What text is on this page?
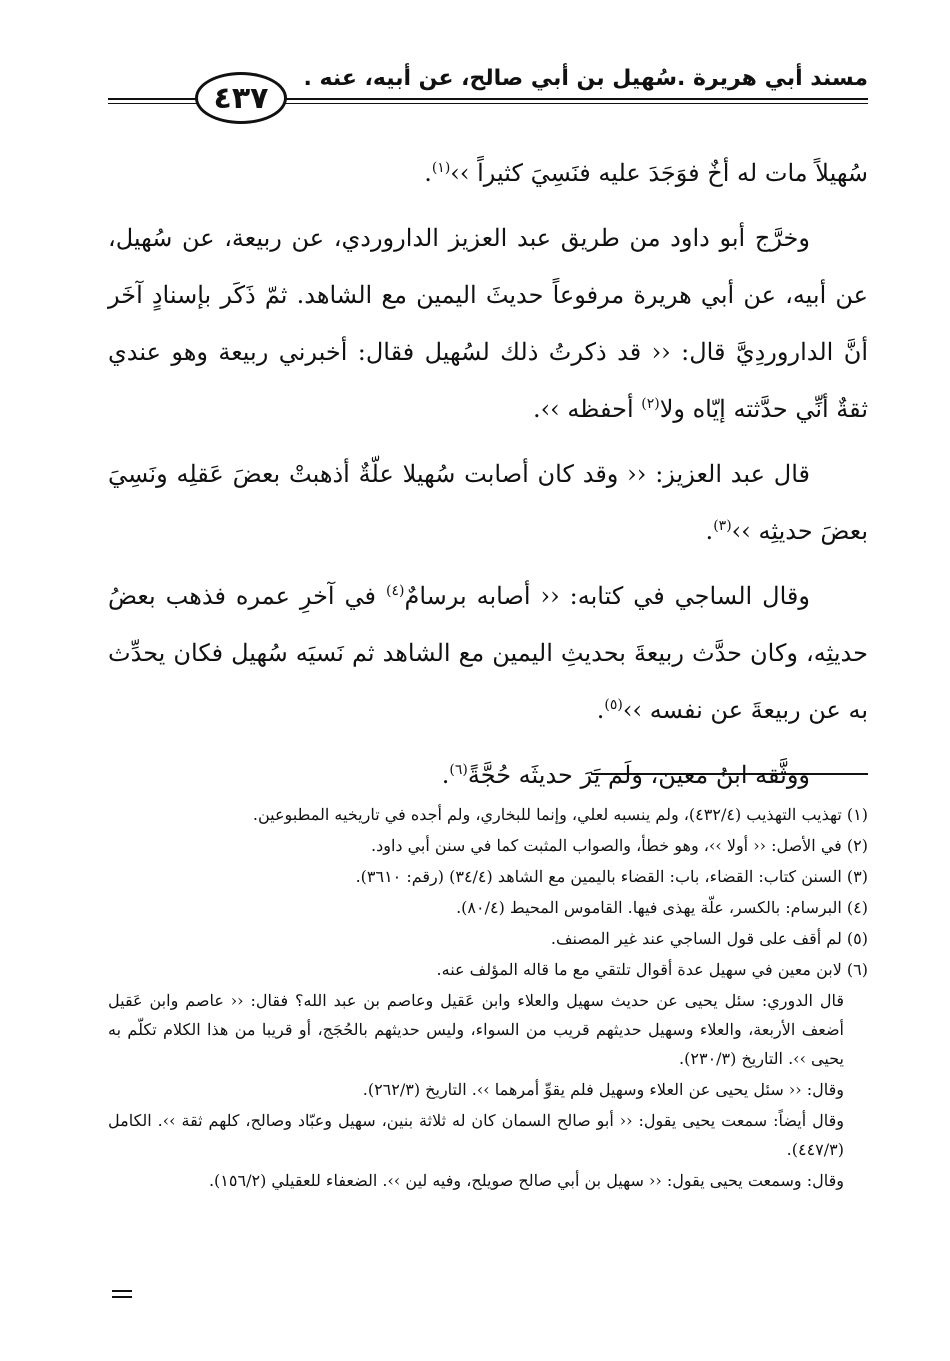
مسند أبي هريرة .سُهيل بن أبي صالح، عن أبيه، عنه .
٤٣٧

سُهيلاً مات له أخٌ فوَجَدَ عليه فنَسِيَ كثيراً ››$^{(١)}$.

وخرَّج أبو داود من طريق عبد العزيز الداروردي، عن ربيعة، عن سُهيل، عن أبيه، عن أبي هريرة مرفوعاً حديثَ اليمين مع الشاهد. ثمّ ذَكَر بإسنادٍ آخَر أنَّ الداروردِيَّ قال: ‹‹ قد ذكرتُ ذلك لسُهيل فقال: أخبرني ربيعة وهو عندي ثقةٌ أنِّي حدَّثته إيّاه ولا$^{(٢)}$ أحفظه ››.

قال عبد العزيز: ‹‹ وقد كان أصابت سُهيلا علّةٌ أذهبتْ بعضَ عَقلِه ونَسِيَ بعضَ حديثِه ››$^{(٣)}$.

وقال الساجي في كتابه: ‹‹ أصابه برسامٌ$^{(٤)}$ في آخرِ عمره فذهب بعضُ حديثِه، وكان حدَّث ربيعةَ بحديثِ اليمين مع الشاهد ثم نَسيَه سُهيل فكان يحدِّث به عن ربيعةَ عن نفسه ››$^{(٥)}$.

ووثَّقه ابنُ معين، ولَم يَرَ حديثَه حُجَّةً$^{(٦)}$.

(١) تهذيب التهذيب (٤٣٢/٤)، ولم ينسبه لعلي، وإنما للبخاري، ولم أجده في تاريخيه المطبوعين.

(٢) في الأصل: ‹‹ أولا ››، وهو خطأ، والصواب المثبت كما في سنن أبي داود.

(٣) السنن كتاب: القضاء، باب: القضاء باليمين مع الشاهد (٣٤/٤) (رقم: ٣٦١٠).

(٤) البرسام: بالكسر، علّة يهذى فيها. القاموس المحيط (٨٠/٤).

(٥) لم أقف على قول الساجي عند غير المصنف.

(٦) لابن معين في سهيل عدة أقوال تلتقي مع ما قاله المؤلف عنه.

قال الدوري: سئل يحيى عن حديث سهيل والعلاء وابن عَقيل وعاصم بن عبد الله؟ فقال: ‹‹ عاصم وابن عَقيل أضعف الأربعة، والعلاء وسهيل حديثهم قريب من السواء، وليس حديثهم بالحُجَج، أو قريبا من هذا الكلام تكلّم به يحيى ››. التاريخ (٢٣٠/٣).

وقال: ‹‹ سئل يحيى عن العلاء وسهيل فلم يقوِّ أمرهما ››. التاريخ (٢٦٢/٣).

وقال أيضاً: سمعت يحيى يقول: ‹‹ أبو صالح السمان كان له ثلاثة بنين، سهيل وعبّاد وصالح، كلهم ثقة ››. الكامل (٤٤٧/٣).

وقال: وسمعت يحيى يقول: ‹‹ سهيل بن أبي صالح صويلح، وفيه لين ››. الضعفاء للعقيلي (١٥٦/٢).
